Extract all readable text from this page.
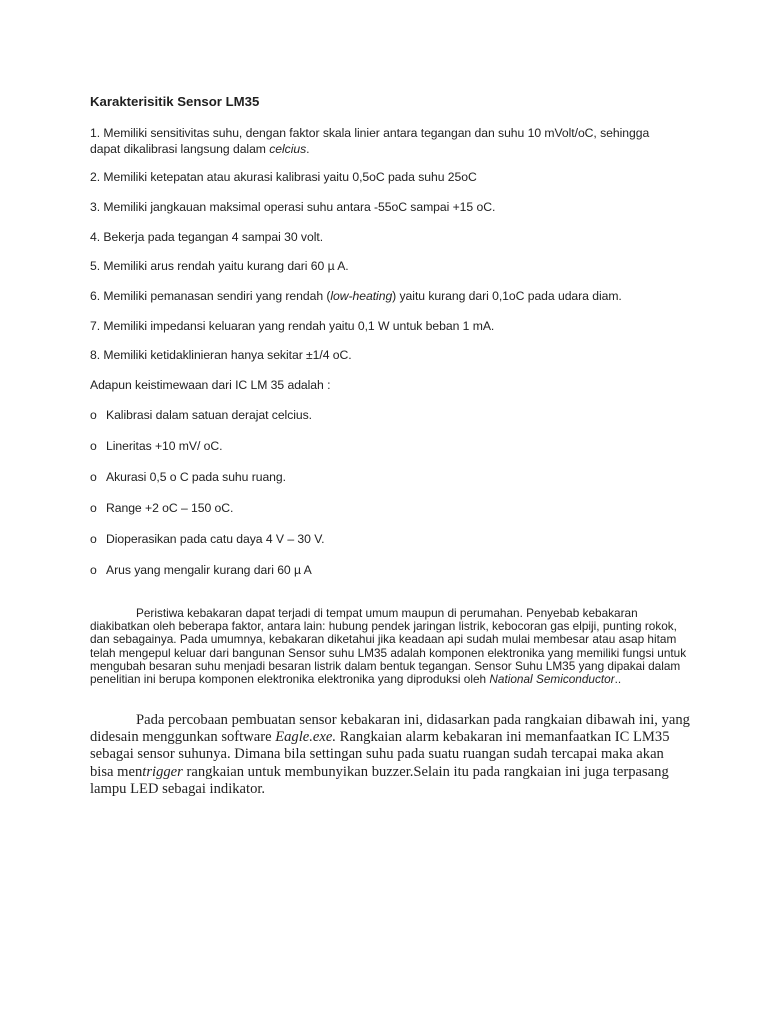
Karakterisitik Sensor LM35

1. Memiliki sensitivitas suhu, dengan faktor skala linier antara tegangan dan suhu 10 mVolt/oC, sehingga

dapat dikalibrasi langsung dalam celcius.

2. Memiliki ketepatan atau akurasi kalibrasi yaitu 0,5oC pada suhu 25oC

3. Memiliki jangkauan maksimal operasi suhu antara -55oC sampai +15 oC.

4. Bekerja pada tegangan 4 sampai 30 volt.

5. Memiliki arus rendah yaitu kurang dari 60 µ A.

6. Memiliki pemanasan sendiri yang rendah (low-heating) yaitu kurang dari 0,1oC pada udara diam.

7. Memiliki impedansi keluaran yang rendah yaitu 0,1 W untuk beban 1 mA.

8. Memiliki ketidaklinieran hanya sekitar ±1/4 oC.

Adapun keistimewaan dari IC LM 35 adalah :

o Kalibrasi dalam satuan derajat celcius.

o Lineritas +10 mV/ oC.

o Akurasi 0,5 o C pada suhu ruang.

o Range +2 oC – 150 oC.

o Dioperasikan pada catu daya 4 V – 30 V.

o Arus yang mengalir kurang dari 60 µ A

Peristiwa kebakaran dapat terjadi di tempat umum maupun di perumahan. Penyebab kebakaran diakibatkan oleh beberapa faktor, antara lain: hubung pendek jaringan listrik, kebocoran gas elpiji, punting rokok, dan sebagainya. Pada umumnya, kebakaran diketahui jika keadaan api sudah mulai membesar atau asap hitam telah mengepul keluar dari bangunan Sensor suhu LM35 adalah komponen elektronika yang memiliki fungsi untuk mengubah besaran suhu menjadi besaran listrik dalam bentuk tegangan. Sensor Suhu LM35 yang dipakai dalam penelitian ini berupa komponen elektronika elektronika yang diproduksi oleh National Semiconductor..

Pada percobaan pembuatan sensor kebakaran ini, didasarkan pada rangkaian dibawah ini, yang didesain menggunkan software Eagle.exe. Rangkaian alarm kebakaran ini memanfaatkan IC LM35 sebagai sensor suhunya. Dimana bila settingan suhu pada suatu ruangan sudah tercapai maka akan bisa mentrigger rangkaian untuk membunyikan buzzer.Selain itu pada rangkaian ini juga terpasang lampu LED sebagai indikator.
